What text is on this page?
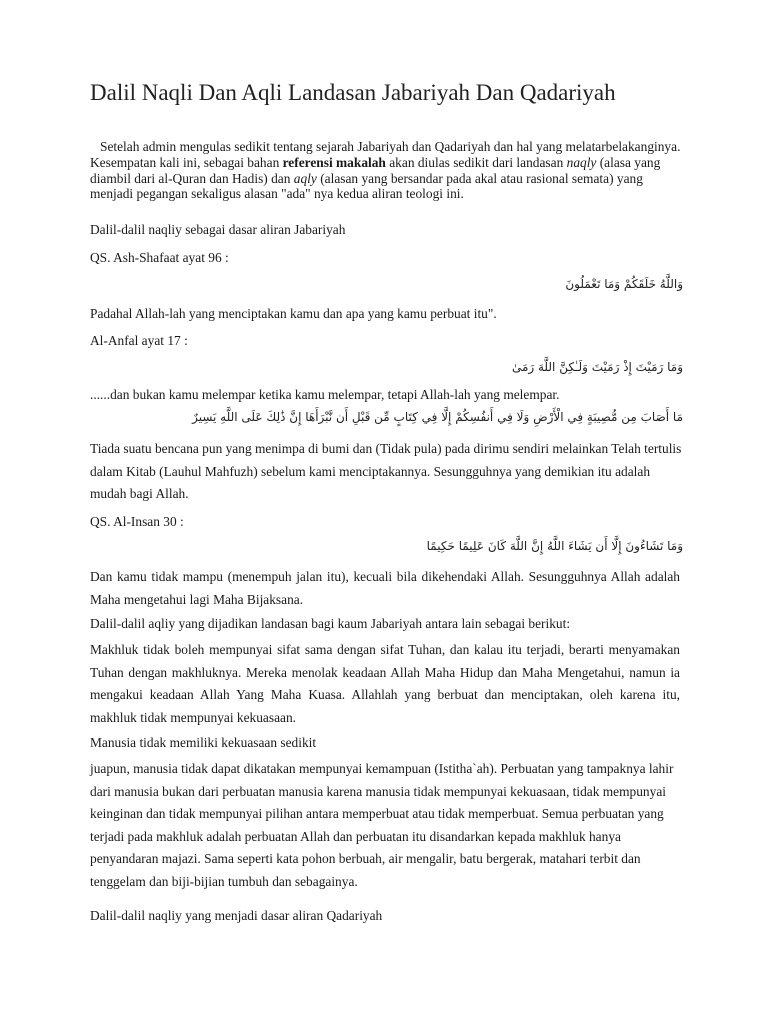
Dalil Naqli Dan Aqli Landasan Jabariyah Dan Qadariyah

Setelah admin mengulas sedikit tentang sejarah Jabariyah dan Qadariyah dan hal yang melatarbelakanginya. Kesempatan kali ini, sebagai bahan referensi makalah akan diulas sedikit dari landasan naqly (alasa yang diambil dari al-Quran dan Hadis) dan aqly (alasan yang bersandar pada akal atau rasional semata) yang menjadi pegangan sekaligus alasan "ada" nya kedua aliran teologi ini.

Dalil-dalil naqliy sebagai dasar aliran Jabariyah

QS. Ash-Shafaat ayat 96 :

وَاللَّهُ خَلَقَكُمْ وَمَا تَعْمَلُونَ

Padahal Allah-lah yang menciptakan kamu dan apa yang kamu perbuat itu".

Al-Anfal ayat 17 :

وَمَا رَمَيْتَ إِذْ رَمَيْتَ وَلَـٰكِنَّ اللَّهَ رَمَىٰ

......dan bukan kamu melempar ketika kamu melempar, tetapi Allah-lah yang melempar.

مَا أَصَابَ مِن مُّصِيبَةٍ فِي الْأَرْضِ وَلَا فِي أَنفُسِكُمْ إِلَّا فِي كِتَابٍ مِّن قَبْلِ أَن نَّبْرَأَهَا إِنَّ ذَٰلِكَ عَلَى اللَّهِ يَسِيرٌ

Tiada suatu bencana pun yang menimpa di bumi dan (Tidak pula) pada dirimu sendiri melainkan Telah tertulis dalam Kitab (Lauhul Mahfuzh) sebelum kami menciptakannya. Sesungguhnya yang demikian itu adalah mudah bagi Allah.

QS. Al-Insan 30 :

وَمَا تَشَاءُونَ إِلَّا أَن يَشَاءَ اللَّهُ إِنَّ اللَّهَ كَانَ عَلِيمًا حَكِيمًا

Dan kamu tidak mampu (menempuh jalan itu), kecuali bila dikehendaki Allah. Sesungguhnya Allah adalah Maha mengetahui lagi Maha Bijaksana.

Dalil-dalil aqliy yang dijadikan landasan bagi kaum Jabariyah antara lain sebagai berikut:

Makhluk tidak boleh mempunyai sifat sama dengan sifat Tuhan, dan kalau itu terjadi, berarti menyamakan Tuhan dengan makhluknya. Mereka menolak keadaan Allah Maha Hidup dan Maha Mengetahui, namun ia mengakui keadaan Allah Yang Maha Kuasa. Allahlah yang berbuat dan menciptakan, oleh karena itu, makhluk tidak mempunyai kekuasaan.

Manusia tidak memiliki kekuasaan sedikit

juapun, manusia tidak dapat dikatakan mempunyai kemampuan (Istitha`ah). Perbuatan yang tampaknya lahir dari manusia bukan dari perbuatan manusia karena manusia tidak mempunyai kekuasaan, tidak mempunyai keinginan dan tidak mempunyai pilihan antara memperbuat atau tidak memperbuat. Semua perbuatan yang terjadi pada makhluk adalah perbuatan Allah dan perbuatan itu disandarkan kepada makhluk hanya penyandaran majazi. Sama seperti kata pohon berbuah, air mengalir, batu bergerak, matahari terbit dan tenggelam dan biji-bijian tumbuh dan sebagainya.

Dalil-dalil naqliy yang menjadi dasar aliran Qadariyah
